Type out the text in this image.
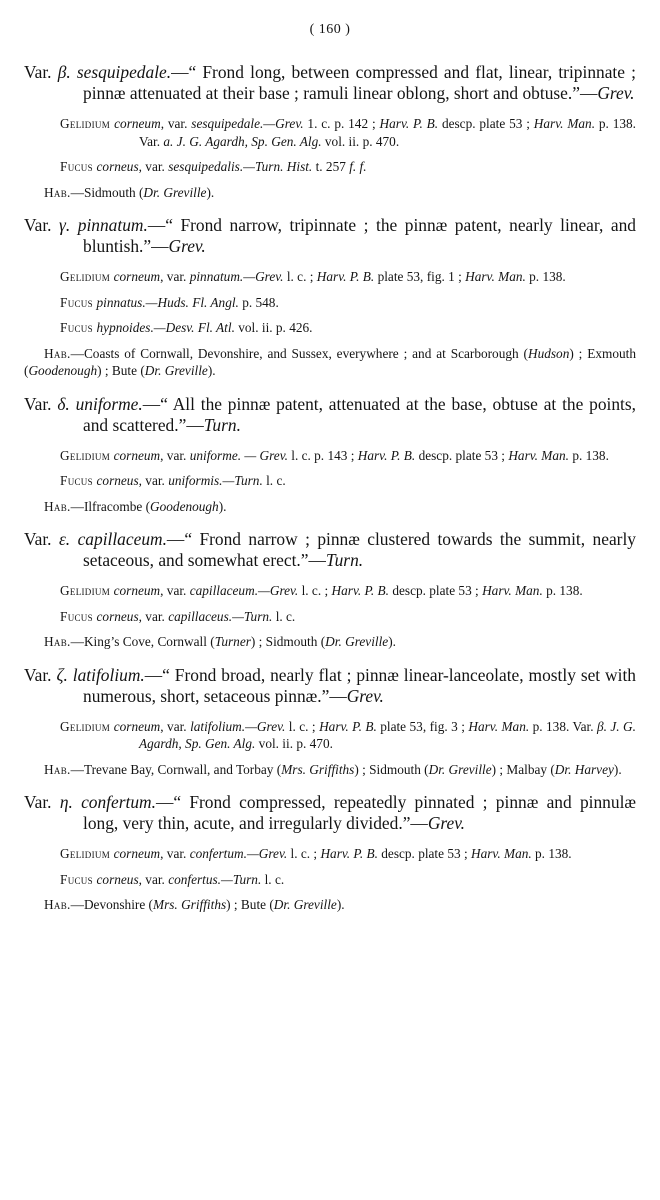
( 160 )
Var. β. sesquipedale.—“ Frond long, between compressed and flat, linear, tripinnate ; pinnæ attenuated at their base ; ramuli linear oblong, short and obtuse.”—Grev.
Gelidium corneum, var. sesquipedale.—Grev. 1. c. p. 142 ; Harv. P. B. descp. plate 53 ; Harv. Man. p. 138. Var. a. J. G. Agardh, Sp. Gen. Alg. vol. ii. p. 470.
Fucus corneus, var. sesquipedalis.—Turn. Hist. t. 257 f. f.
Hab.—Sidmouth (Dr. Greville).
Var. γ. pinnatum.—“ Frond narrow, tripinnate ; the pinnæ patent, nearly linear, and bluntish.”—Grev.
Gelidium corneum, var. pinnatum.—Grev. l. c. ; Harv. P. B. plate 53, fig. 1 ; Harv. Man. p. 138.
Fucus pinnatus.—Huds. Fl. Angl. p. 548.
Fucus hypnoides.—Desv. Fl. Atl. vol. ii. p. 426.
Hab.—Coasts of Cornwall, Devonshire, and Sussex, everywhere ; and at Scarborough (Hudson) ; Exmouth (Goodenough) ; Bute (Dr. Greville).
Var. δ. uniforme.—“ All the pinnæ patent, attenuated at the base, obtuse at the points, and scattered.”—Turn.
Gelidium corneum, var. uniforme. — Grev. l. c. p. 143 ; Harv. P. B. descp. plate 53 ; Harv. Man. p. 138.
Fucus corneus, var. uniformis.—Turn. l. c.
Hab.—Ilfracombe (Goodenough).
Var. ε. capillaceum.—“ Frond narrow ; pinnæ clustered towards the summit, nearly setaceous, and somewhat erect.”—Turn.
Gelidium corneum, var. capillaceum.—Grev. l. c. ; Harv. P. B. descp. plate 53 ; Harv. Man. p. 138.
Fucus corneus, var. capillaceus.—Turn. l. c.
Hab.—King’s Cove, Cornwall (Turner) ; Sidmouth (Dr. Greville).
Var. ζ. latifolium.—“ Frond broad, nearly flat ; pinnæ linear-lanceolate, mostly set with numerous, short, setaceous pinnæ.”—Grev.
Gelidium corneum, var. latifolium.—Grev. l. c. ; Harv. P. B. plate 53, fig. 3 ; Harv. Man. p. 138. Var. β. J. G. Agardh, Sp. Gen. Alg. vol. ii. p. 470.
Hab.—Trevane Bay, Cornwall, and Torbay (Mrs. Griffiths) ; Sidmouth (Dr. Greville) ; Malbay (Dr. Harvey).
Var. η. confertum.—“ Frond compressed, repeatedly pinnated ; pinnæ and pinnulæ long, very thin, acute, and irregularly divided.”—Grev.
Gelidium corneum, var. confertum.—Grev. l. c. ; Harv. P. B. descp. plate 53 ; Harv. Man. p. 138.
Fucus corneus, var. confertus.—Turn. l. c.
Hab.—Devonshire (Mrs. Griffiths) ; Bute (Dr. Greville).
